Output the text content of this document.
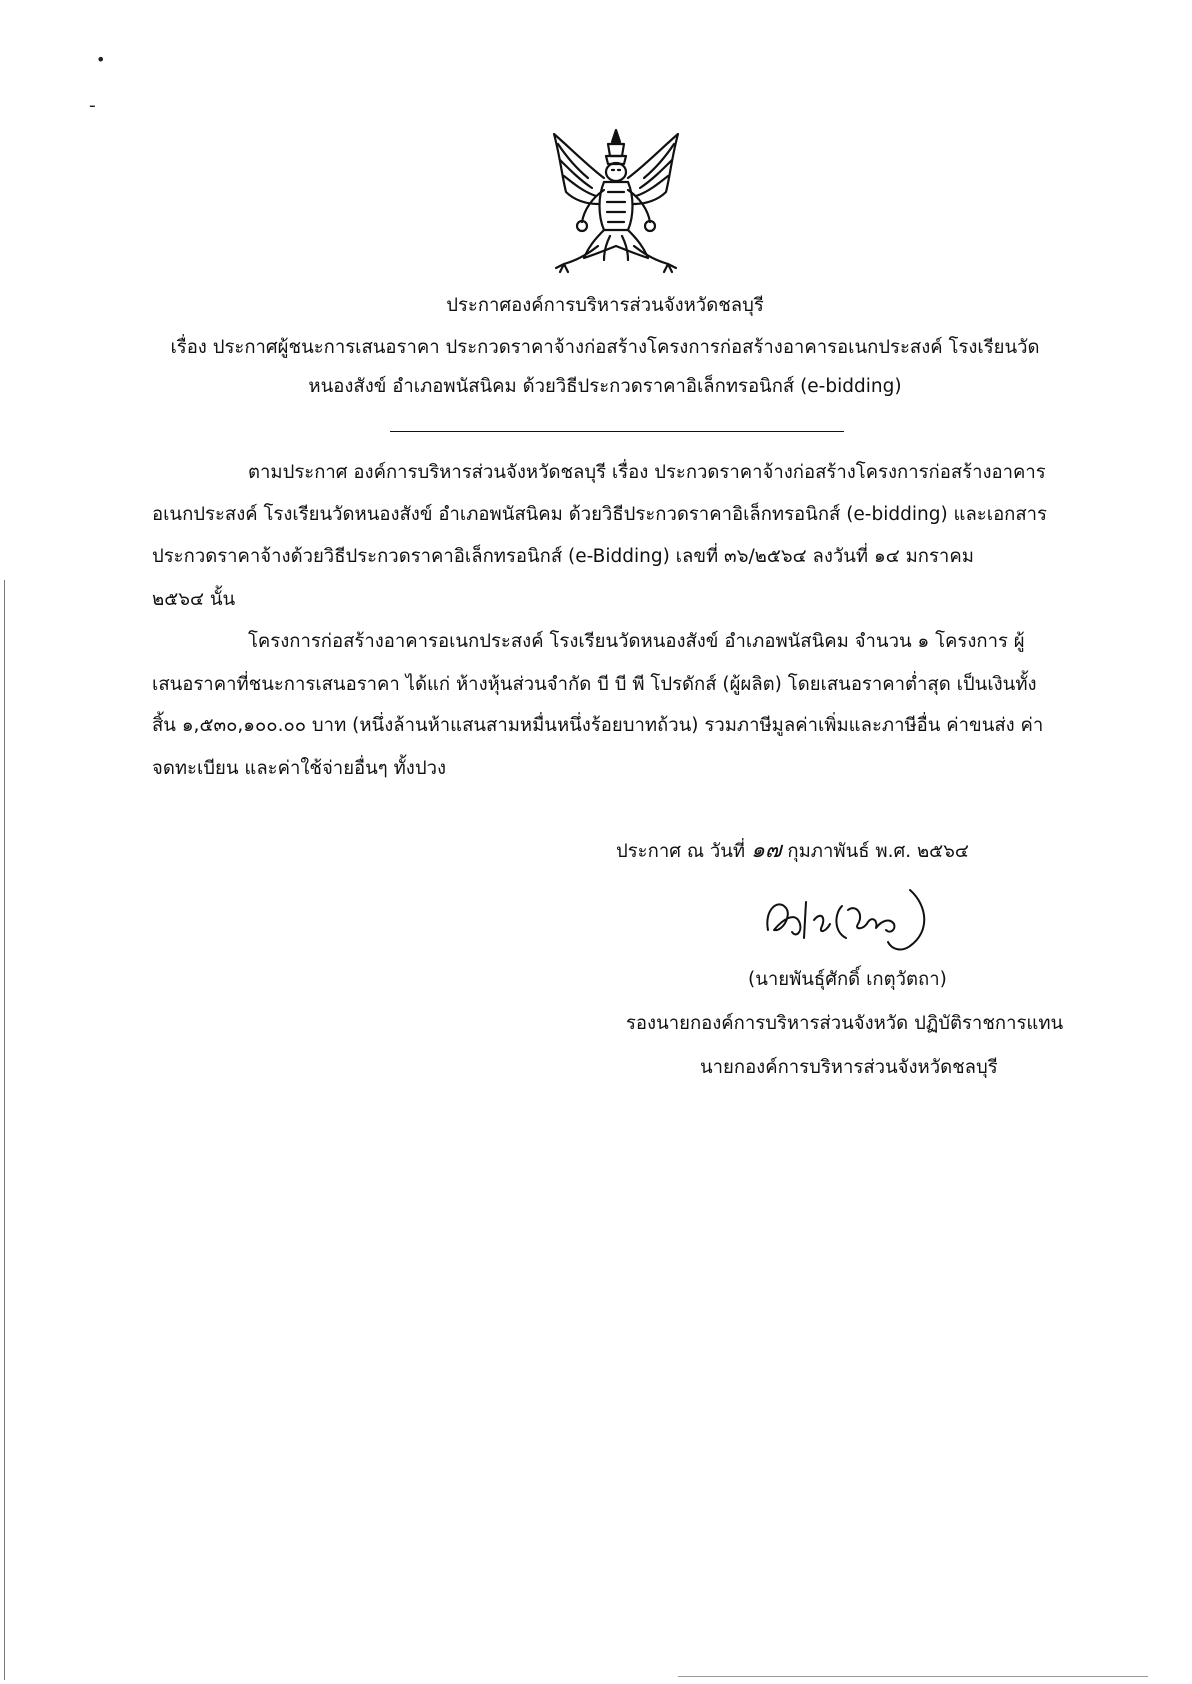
•
ـ
ประกาศองค์การบริหารส่วนจังหวัดชลบุรี
เรื่อง ประกาศผู้ชนะการเสนอราคา ประกวดราคาจ้างก่อสร้างโครงการก่อสร้างอาคารอเนกประสงค์ โรงเรียนวัด
หนองสังข์ อำเภอพนัสนิคม ด้วยวิธีประกวดราคาอิเล็กทรอนิกส์ (e-bidding)
ตามประกาศ องค์การบริหารส่วนจังหวัดชลบุรี เรื่อง ประกวดราคาจ้างก่อสร้างโครงการก่อสร้างอาคาร
อเนกประสงค์ โรงเรียนวัดหนองสังข์ อำเภอพนัสนิคม ด้วยวิธีประกวดราคาอิเล็กทรอนิกส์ (e-bidding) และเอกสาร
ประกวดราคาจ้างด้วยวิธีประกวดราคาอิเล็กทรอนิกส์ (e-Bidding) เลขที่ ๓๖/๒๕๖๔ ลงวันที่ ๑๔ มกราคม
๒๕๖๔ นั้น
โครงการก่อสร้างอาคารอเนกประสงค์ โรงเรียนวัดหนองสังข์ อำเภอพนัสนิคม จำนวน ๑ โครงการ ผู้
เสนอราคาที่ชนะการเสนอราคา ได้แก่ ห้างหุ้นส่วนจำกัด บี บี พี โปรดักส์ (ผู้ผลิต) โดยเสนอราคาต่ำสุด เป็นเงินทั้ง
สิ้น ๑,๕๓๐,๑๐๐.๐๐ บาท (หนึ่งล้านห้าแสนสามหมื่นหนึ่งร้อยบาทถ้วน) รวมภาษีมูลค่าเพิ่มและภาษีอื่น ค่าขนส่ง ค่า
จดทะเบียน และค่าใช้จ่ายอื่นๆ ทั้งปวง
ประกาศ ณ วันที่ ๑๗ กุมภาพันธ์ พ.ศ. ๒๕๖๔
(นายพันธุ์ศักดิ์ เกตุวัตถา)
รองนายกองค์การบริหารส่วนจังหวัด ปฏิบัติราชการแทน
นายกองค์การบริหารส่วนจังหวัดชลบุรี
